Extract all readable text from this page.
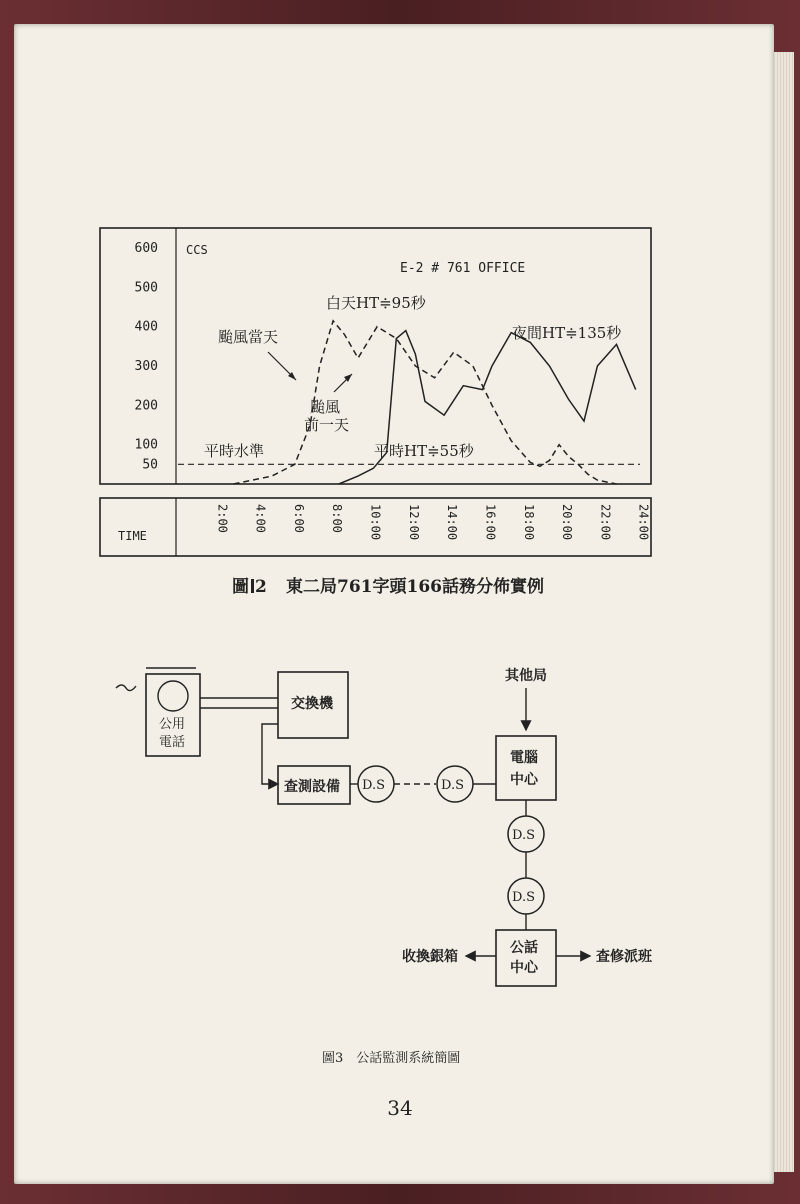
TIME
600
500
400
300
200
100
50
2:00 4:00 6:00 8:00 10:00 12:00 14:00 16:00 18:00 20:00 22:00 24:00
CCS
E-2 # 761 OFFICE
白天HT≑95秒
颱風當天	夜間HT≑135秒
颱風
前一天
平時水準	平時HT≑55秒
圖 2 東二局761字頭166話務分佈實例
公用
電話
交換機
查測設備 D.S	D.S
其他局
電腦
中心
D.S
D.S
公話
中心
收換銀箱	查修派班
圖3　公話監測系統簡圖
34
